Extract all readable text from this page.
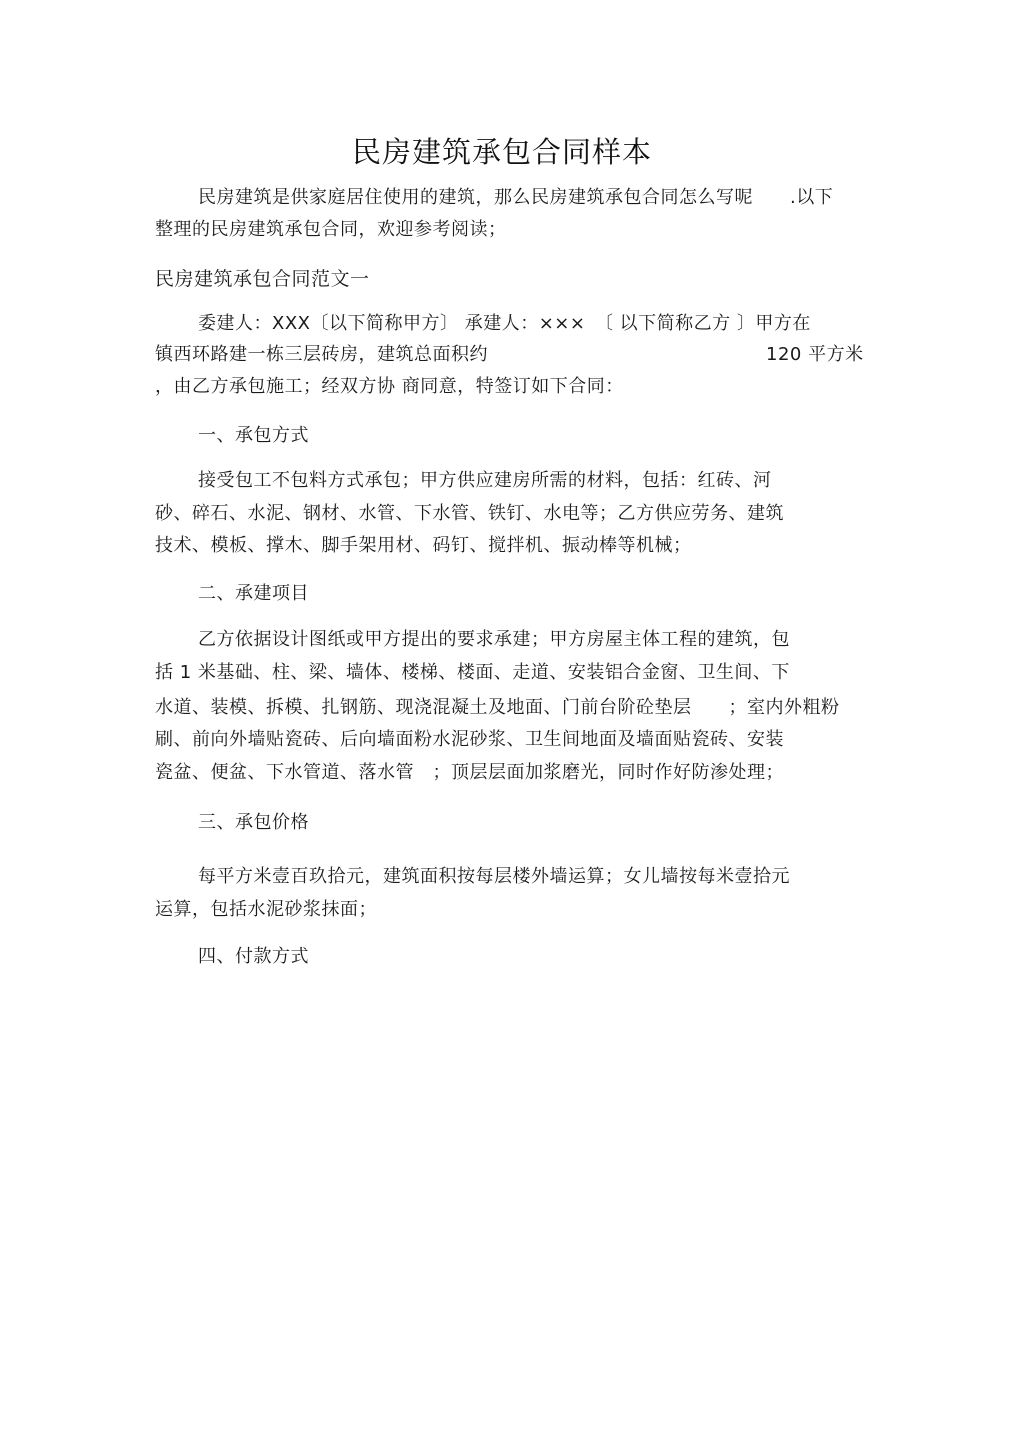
民房建筑承包合同样本
民房建筑是供家庭居住使用的建筑，那么民房建筑承包合同怎么写呢　　.以下
整理的民房建筑承包合同，欢迎参考阅读；
民房建筑承包合同范文一
委建人：XXX〔以下简称甲方〕 承建人：×××　〔 以下简称乙方 〕甲方在
镇西环路建一栋三层砖房，建筑总面积约	120 平方米
，由乙方承包施工；经双方协 商同意，特签订如下合同：
一、承包方式
接受包工不包料方式承包；甲方供应建房所需的材料，包括：红砖、河
砂、碎石、水泥、钢材、水管、下水管、铁钉、水电等；乙方供应劳务、建筑
技术、模板、撑木、脚手架用材、码钉、搅拌机、振动棒等机械；
二、承建项目
乙方依据设计图纸或甲方提出的要求承建；甲方房屋主体工程的建筑，包
括 1 米基础、柱、梁、墙体、楼梯、楼面、走道、安装铝合金窗、卫生间、下
水道、装模、拆模、扎钢筋、现浇混凝土及地面、门前台阶砼垫层　　；室内外粗粉
刷、前向外墙贴瓷砖、后向墙面粉水泥砂浆、卫生间地面及墙面贴瓷砖、安装
瓷盆、便盆、下水管道、落水管　；顶层层面加浆磨光，同时作好防渗处理；
三、承包价格
每平方米壹百玖拾元，建筑面积按每层楼外墙运算；女儿墙按每米壹拾元
运算，包括水泥砂浆抹面；
四、付款方式
